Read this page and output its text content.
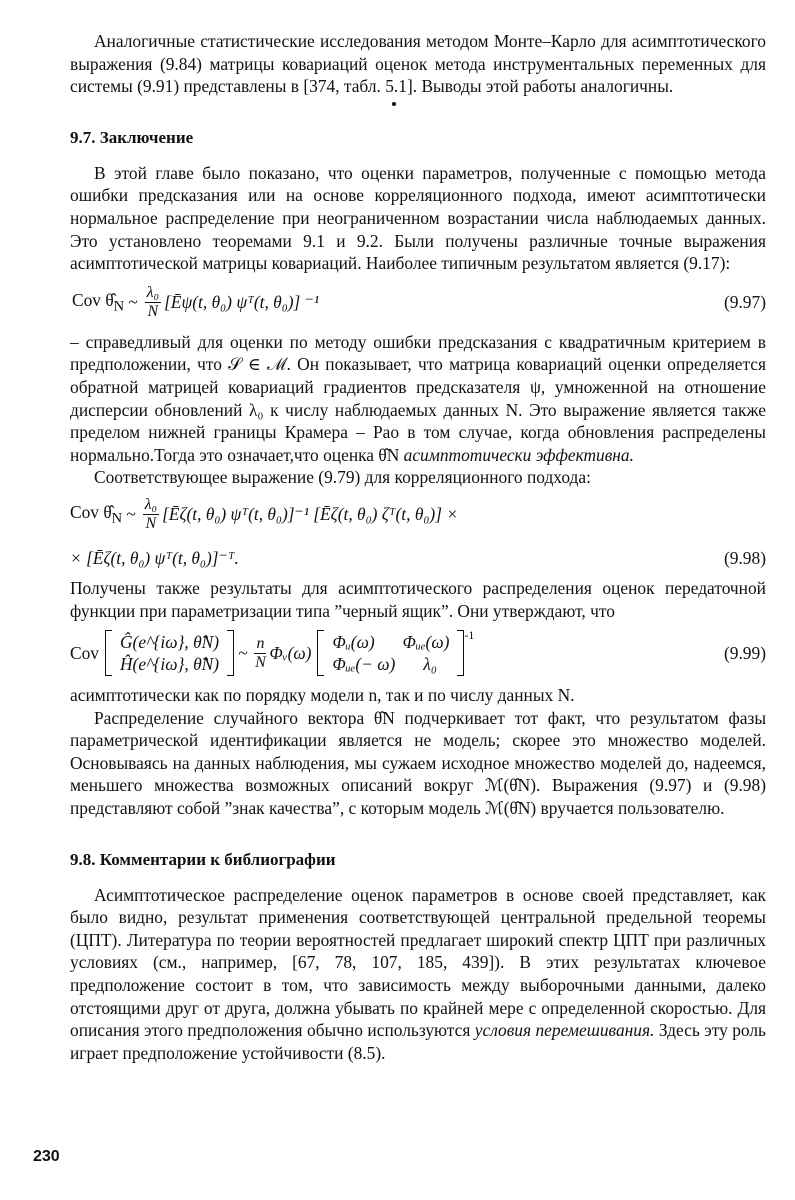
Аналогичные статистические исследования методом Монте–Карло для асимптотического выражения (9.84) матрицы ковариаций оценок метода инструментальных переменных для системы (9.91) представлены в [374, табл. 5.1]. Выводы этой работы аналогичны.

9.7. Заключение

В этой главе было показано, что оценки параметров, полученные с помощью метода ошибки предсказания или на основе корреляционного подхода, имеют асимптотически нормальное распределение при неограниченном возрастании числа наблюдаемых данных. Это установлено теоремами 9.1 и 9.2. Были получены различные точные выражения асимптотической матрицы ковариаций. Наиболее типичным результатом является (9.17):

Cov $\thetâ_N$ ~ $\frac{\text{λ₀}}{N}$ [Ēψ(t, θ₀) ψᵀ(t, θ₀)] ⁻¹	(9.97)

– справедливый для оценки по методу ошибки предсказания с квадратичным критерием в предположении, что 𝒮 ∈ ℳ. Он показывает, что матрица ковариаций оценки определяется обратной матрицей ковариаций градиентов предсказателя ψ, умноженной на отношение дисперсии обновлений λ₀ к числу наблюдаемых данных N. Это выражение является также пределом нижней границы Крамера – Рао в том случае, когда обновления распределены нормально.Тогда это означает,что оценка θ̂N асимптотически эффективна.

Соответствующее выражение (9.79) для корреляционного подхода:

Cov $\thetâ_N$ ~ $\frac{\text{λ₀}}{N}$ [Ēζ(t, θ₀) ψᵀ(t, θ₀)]⁻¹ [Ēζ(t, θ₀) ζᵀ(t, θ₀)] ×
× [Ēζ(t, θ₀) ψᵀ(t, θ₀)]⁻ᵀ.	(9.98)

Получены также результаты для асимптотического распределения оценок передаточной функции при параметризации типа ”черный ящик”. Они утверждают, что

Cov
Ĝ(e^{iω}, θ̂N)
Ĥ(e^{iω}, θ̂N)
~ $\frac{n}{N}$ Φᵥ(ω)
Φᵤ(ω) Φᵤₑ(ω)
Φᵤₑ(− ω) λ₀
$^{-1}$
(9.99)

асимптотически как по порядку модели n, так и по числу данных N.

Распределение случайного вектора θ̂N подчеркивает тот факт, что результатом фазы параметрической идентификации является не модель; скорее это множество моделей. Основываясь на данных наблюдения, мы сужаем исходное множество моделей до, надеемся, меньшего множества возможных описаний вокруг ℳ(θ̂N). Выражения (9.97) и (9.98) представляют собой ”знак качества”, с которым модель ℳ(θ̂N) вручается пользователю.

9.8. Комментарии к библиографии

Асимптотическое распределение оценок параметров в основе своей представляет, как было видно, результат применения соответствующей центральной предельной теоремы (ЦПТ). Литература по теории вероятностей предлагает широкий спектр ЦПТ при различных условиях (см., например, [67, 78, 107, 185, 439]). В этих результатах ключевое предположение состоит в том, что зависимость между выборочными данными, далеко отстоящими друг от друга, должна убывать по крайней мере с определенной скоростью. Для описания этого предположения обычно используются условия перемешивания. Здесь эту роль играет предположение устойчивости (8.5).

230
